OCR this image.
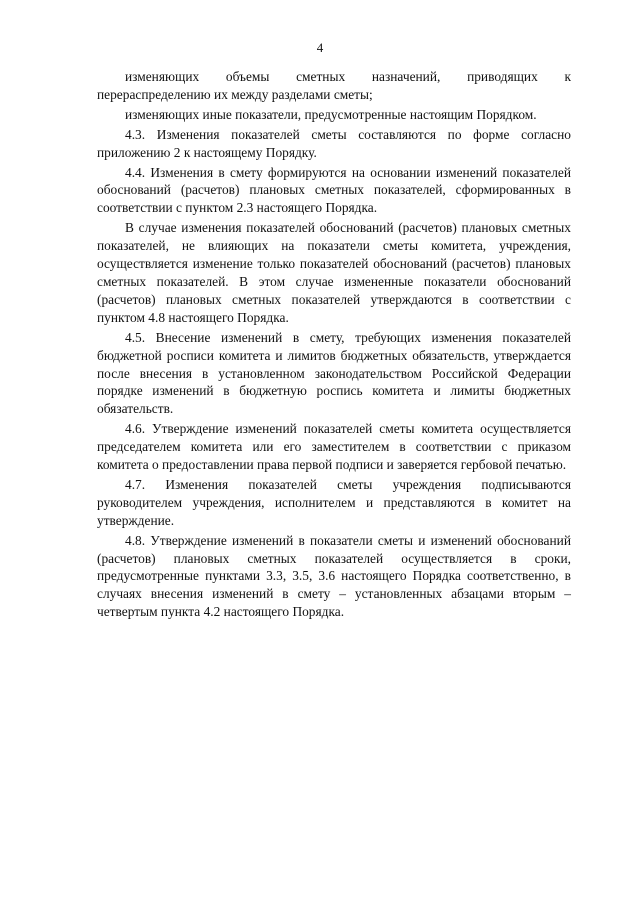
4

изменяющих объемы сметных назначений, приводящих к перераспределению их между разделами сметы;

изменяющих иные показатели, предусмотренные настоящим Порядком.

4.3. Изменения показателей сметы составляются по форме согласно приложению 2 к настоящему Порядку.

4.4. Изменения в смету формируются на основании изменений показателей обоснований (расчетов) плановых сметных показателей, сформированных в соответствии с пунктом 2.3 настоящего Порядка.

В случае изменения показателей обоснований (расчетов) плановых сметных показателей, не влияющих на показатели сметы комитета, учреждения, осуществляется изменение только показателей обоснований (расчетов) плановых сметных показателей. В этом случае измененные показатели обоснований (расчетов) плановых сметных показателей утверждаются в соответствии с пунктом 4.8 настоящего Порядка.

4.5. Внесение изменений в смету, требующих изменения показателей бюджетной росписи комитета и лимитов бюджетных обязательств, утверждается после внесения в установленном законодательством Российской Федерации порядке изменений в бюджетную роспись комитета и лимиты бюджетных обязательств.

4.6. Утверждение изменений показателей сметы комитета осуществляется председателем комитета или его заместителем в соответствии с приказом комитета о предоставлении права первой подписи и заверяется гербовой печатью.

4.7. Изменения показателей сметы учреждения подписываются руководителем учреждения, исполнителем и представляются в комитет на утверждение.

4.8. Утверждение изменений в показатели сметы и изменений обоснований (расчетов) плановых сметных показателей осуществляется в сроки, предусмотренные пунктами 3.3, 3.5, 3.6 настоящего Порядка соответственно, в случаях внесения изменений в смету – установленных абзацами вторым – четвертым пункта 4.2 настоящего Порядка.
